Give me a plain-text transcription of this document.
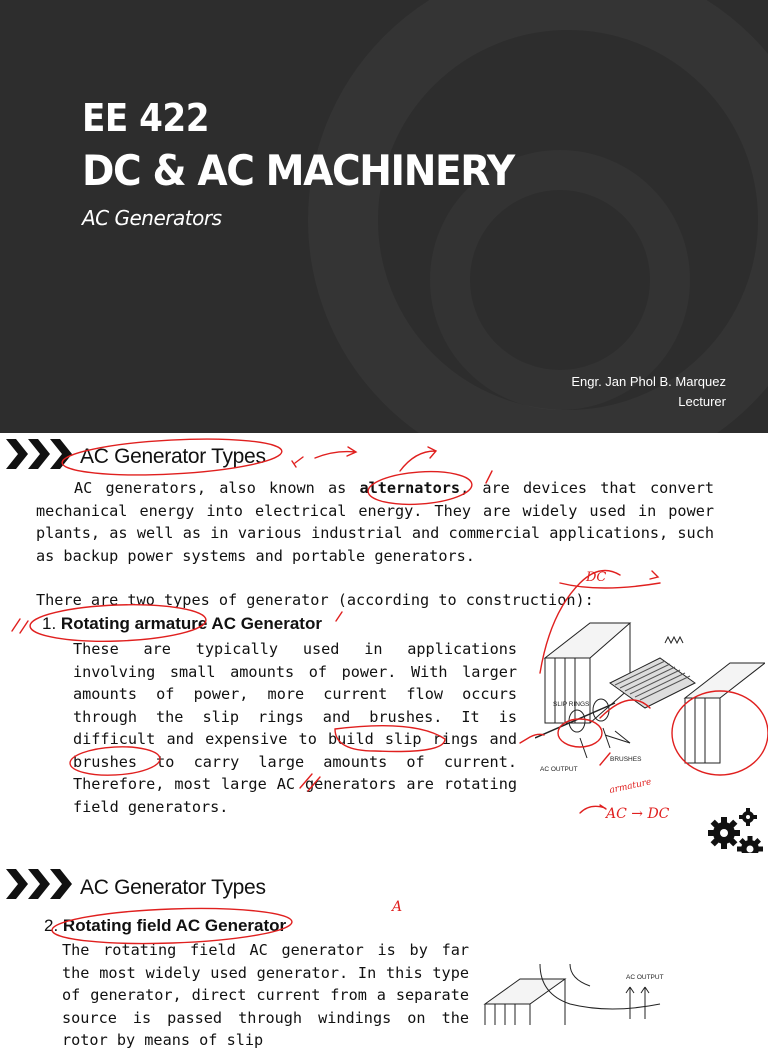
EE 422
DC & AC MACHINERY
AC Generators
Engr. Jan Phol B. Marquez
Lecturer
AC Generator Types
AC generators, also known as alternators, are devices that convert mechanical energy into electrical energy. They are widely used in power plants, as well as in various industrial and commercial applications, such as backup power systems and portable generators.
There are two types of generator (according to construction):
1. Rotating armature AC Generator
These are typically used in applications involving small amounts of power. With larger amounts of power, more current flow occurs through the slip rings and brushes. It is difficult and expensive to build slip rings and brushes to carry large amounts of current. Therefore, most large AC generators are rotating field generators.
SLIP RINGS
BRUSHES
AC OUTPUT
DC
armature
AC → DC
AC Generator Types
2. Rotating field AC Generator
The rotating field AC generator is by far the most widely used generator. In this type of generator, direct current from a separate source is passed through windings on the rotor by means of slip
AC OUTPUT
A
